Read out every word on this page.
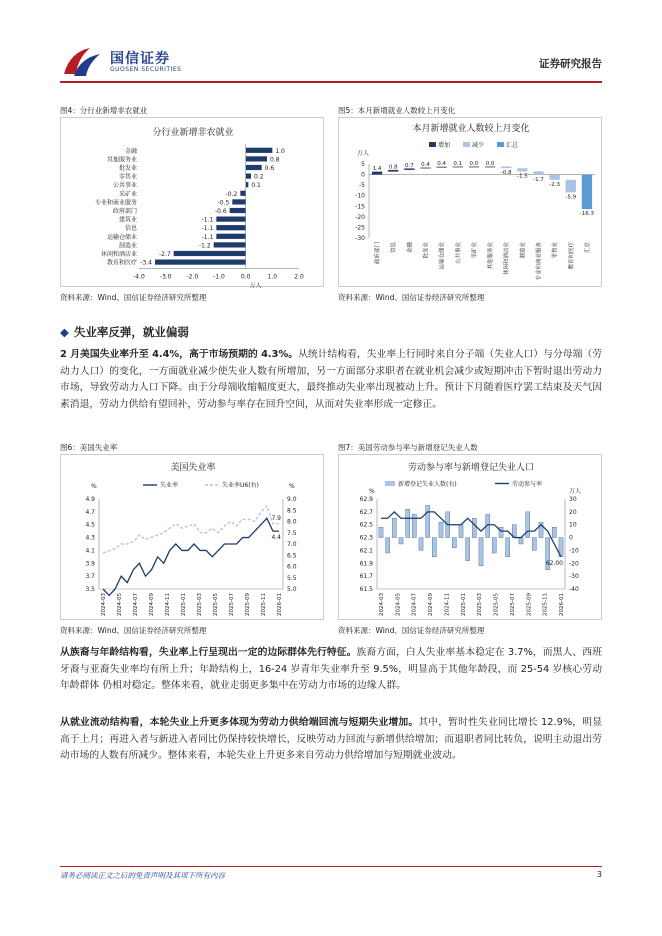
国信证券
GUOSEN SECURITIES	证券研究报告
图4：分行业新增非农就业
分行业新增非农就业
金融	1.0
其他服务业	0.8
批发业	0.6
零售业	0.2
公共事业	0.1
采矿业	-0.2
专业和商业服务	-0.5
政府部门	-0.6
建筑业	-1.1
信息	-1.1
运输仓储业	-1.1
制造业	-1.2
休闲和酒店业	-2.7
教育和医疗 -3.4
-4.0 -3.0 -2.0 -1.0	0.0	1.0	2.0
万人
资料来源：Wind、国信证券经济研究所整理
图5：本月新增就业人数较上月变化
本月新增就业人数较上月变化
增加	减少	汇总
万人
5
0
-5
-10
-15
-20
-25
-30
1.4
政府部门
0.8
信息
0.7
金融
0.4
批发业
0.4
运输仓储业
0.1
公共事业
0.0
采矿业
0.0
其他服务业
-0.8
休闲和酒店业
-1.5
制造业
-1.7
专业和商业服务
-2.3
零售业
-5.9
教育和医疗
-16.3
汇总
资料来源：Wind、国信证券经济研究所整理
◆ 失业率反弹，就业偏弱
2 月美国失业率升至 4.4%，高于市场预期的 4.3%。从统计结构看，失业率上行同时来自分子端（失业人口）与分母端（劳动力人口）的变化，一方面就业减少使失业人数有所增加，另一方面部分求职者在就业机会减少或短期冲击下暂时退出劳动力市场，导致劳动力人口下降。由于分母端收缩幅度更大，最终推动失业率出现被动上升。预计下月随着医疗罢工结束及天气因素消退，劳动力供给有望回补，劳动参与率存在回升空间，从而对失业率形成一定修正。
图6：美国失业率
美国失业率
失业率	失业率U6(右)
%	%
4.9
4.7
4.5
4.3
4.1
3.9
3.7
3.5
9.0
8.5
8.0
7.5
7.0
6.5
6.0
5.5
5.0
4.4
7.9
2024-03 2024-05 2024-07 2024-09 2024-11 2025-01 2025-03 2025-05 2025-07 2025-09 2025-11 2026-01
资料来源：Wind、国信证券经济研究所整理
图7：美国劳动参与率与新增登记失业人数
劳动参与率与新增登记失业人口
新增登记失业人数(右)	劳动参与率
%	万人
62.9
62.7
62.5
62.3
62.1
61.9
61.7
61.5
30
20
10
0
-10
-20
-30
-40
62.00
2024-03 2024-05 2024-07 2024-09 2024-11 2025-01 2025-03 2025-05 2025-07 2025-09 2025-11 2026-01
资料来源：Wind、国信证券经济研究所整理
从族裔与年龄结构看，失业率上行呈现出一定的边际群体先行特征。族裔方面，白人失业率基本稳定在 3.7%，而黑人、西班牙裔与亚裔失业率均有所上升；年龄结构上，16-24 岁青年失业率升至 9.5%，明显高于其他年龄段，而 25-54 岁核心劳动年龄群体 仍相对稳定。整体来看，就业走弱更多集中在劳动力市场的边缘人群。
从就业流动结构看，本轮失业上升更多体现为劳动力供给端回流与短期失业增加。其中，暂时性失业同比增长 12.9%，明显高于上月；再进入者与新进入者同比仍保持较快增长，反映劳动力回流与新增供给增加；而退职者同比转负，说明主动退出劳动市场的人数有所减少。整体来看，本轮失业上升更多来自劳动力供给增加与短期就业波动。
请务必阅读正文之后的免责声明及其项下所有内容	3
